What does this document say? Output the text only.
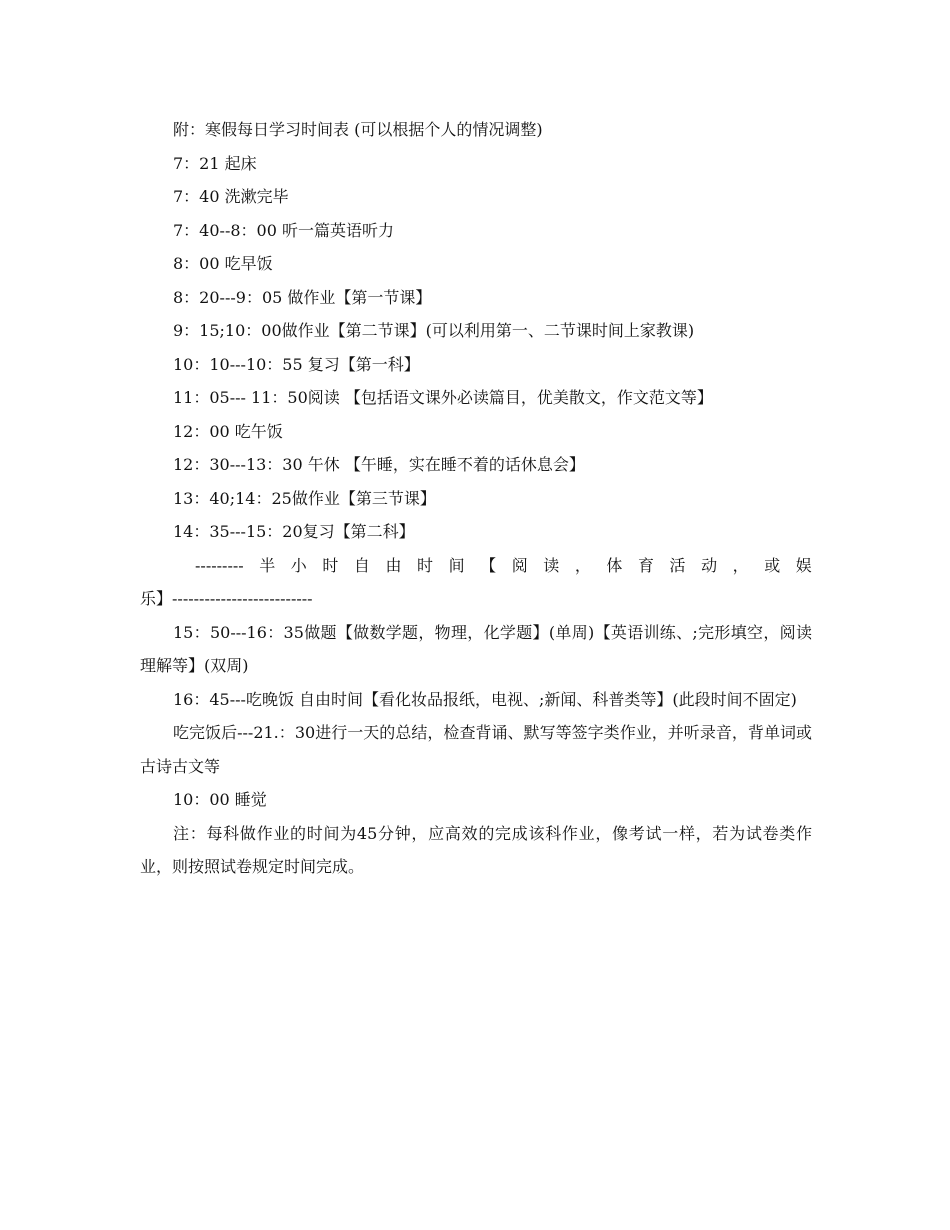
附：寒假每日学习时间表 (可以根据个人的情况调整)

7：21 起床

7：40 洗漱完毕

7：40--8：00 听一篇英语听力

8：00 吃早饭

8：20---9：05 做作业【第一节课】

9：15;10：00做作业【第二节课】(可以利用第一、二节课时间上家教课)

10：10---10：55 复习【第一科】

11：05--- 11：50阅读 【包括语文课外必读篇目，优美散文，作文范文等】

12：00 吃午饭

12：30---13：30 午休 【午睡，实在睡不着的话休息会】

13：40;14：25做作业【第三节课】

14：35---15：20复习【第二科】

--------- 半 小 时 自 由 时 间 【 阅 读 ， 体 育 活 动 ， 或 娱
乐】--------------------------

15：50---16：35做题【做数学题，物理，化学题】(单周)【英语训练、;完形填空，阅读理解等】(双周)

16：45---吃晚饭 自由时间【看化妆品报纸，电视、;新闻、科普类等】(此段时间不固定)

吃完饭后---21.：30进行一天的总结，检查背诵、默写等签字类作业，并听录音，背单词或古诗古文等

10：00 睡觉

注：每科做作业的时间为45分钟，应高效的完成该科作业，像考试一样，若为试卷类作业，则按照试卷规定时间完成。
